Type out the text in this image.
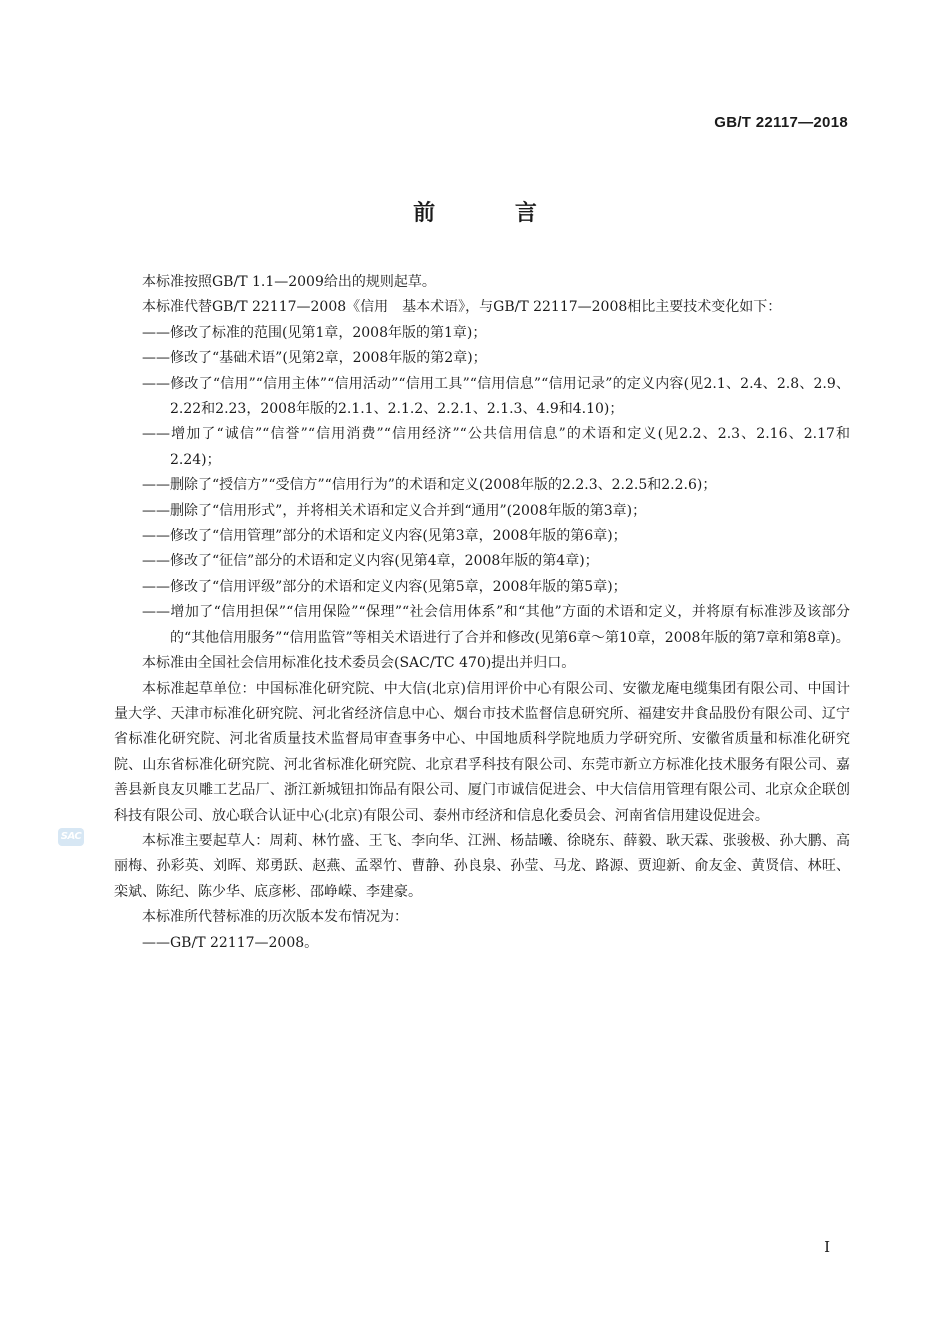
GB/T 22117—2018
前 言

本标准按照GB/T 1.1—2009给出的规则起草。

本标准代替GB/T 22117—2008《信用　基本术语》，与GB/T 22117—2008相比主要技术变化如下：

——修改了标准的范围(见第1章，2008年版的第1章)；

——修改了“基础术语”(见第2章，2008年版的第2章)；

——修改了“信用”“信用主体”“信用活动”“信用工具”“信用信息”“信用记录”的定义内容(见2.1、2.4、2.8、2.9、2.22和2.23，2008年版的2.1.1、2.1.2、2.2.1、2.1.3、4.9和4.10)；

——增加了“诚信”“信誉”“信用消费”“信用经济”“公共信用信息”的术语和定义(见2.2、2.3、2.16、2.17和2.24)；

——删除了“授信方”“受信方”“信用行为”的术语和定义(2008年版的2.2.3、2.2.5和2.2.6)；

——删除了“信用形式”，并将相关术语和定义合并到“通用”(2008年版的第3章)；

——修改了“信用管理”部分的术语和定义内容(见第3章，2008年版的第6章)；

——修改了“征信”部分的术语和定义内容(见第4章，2008年版的第4章)；

——修改了“信用评级”部分的术语和定义内容(见第5章，2008年版的第5章)；

——增加了“信用担保”“信用保险”“保理”“社会信用体系”和“其他”方面的术语和定义，并将原有标准涉及该部分的“其他信用服务”“信用监管”等相关术语进行了合并和修改(见第6章～第10章，2008年版的第7章和第8章)。

本标准由全国社会信用标准化技术委员会(SAC/TC 470)提出并归口。

本标准起草单位：中国标准化研究院、中大信(北京)信用评价中心有限公司、安徽龙庵电缆集团有限公司、中国计量大学、天津市标准化研究院、河北省经济信息中心、烟台市技术监督信息研究所、福建安井食品股份有限公司、辽宁省标准化研究院、河北省质量技术监督局审查事务中心、中国地质科学院地质力学研究所、安徽省质量和标准化研究院、山东省标准化研究院、河北省标准化研究院、北京君孚科技有限公司、东莞市新立方标准化技术服务有限公司、嘉善县新良友贝雕工艺品厂、浙江新城钮扣饰品有限公司、厦门市诚信促进会、中大信信用管理有限公司、北京众企联创科技有限公司、放心联合认证中心(北京)有限公司、泰州市经济和信息化委员会、河南省信用建设促进会。

本标准主要起草人：周莉、林竹盛、王飞、李向华、江洲、杨喆曦、徐晓东、薛毅、耿天霖、张骏极、孙大鹏、高丽梅、孙彩英、刘晖、郑勇跃、赵燕、孟翠竹、曹静、孙良泉、孙莹、马龙、路源、贾迎新、俞友金、黄贤信、林旺、栾斌、陈纪、陈少华、底彦彬、邵峥嵘、李建豪。

本标准所代替标准的历次版本发布情况为：

——GB/T 22117—2008。

SAC
I
